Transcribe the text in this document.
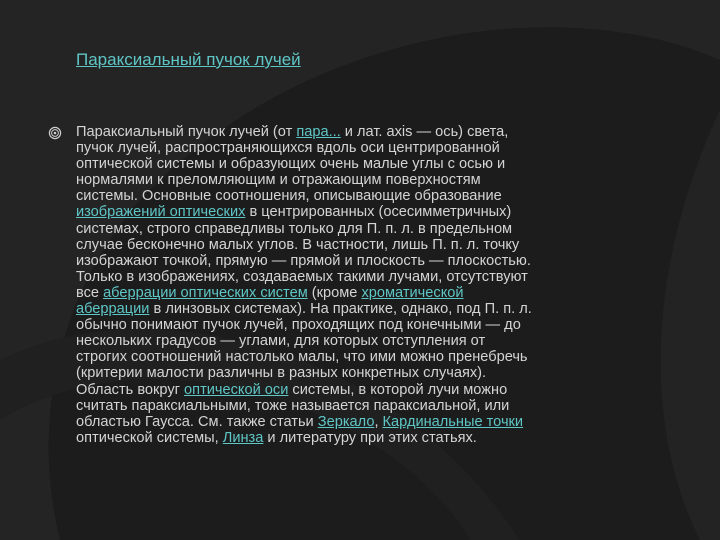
Параксиальный пучок лучей
Параксиальный пучок лучей (от пара... и лат. axis — ось) света,
пучок лучей, распространяющихся вдоль оси центрированной
оптической системы и образующих очень малые углы с осью и
нормалями к преломляющим и отражающим поверхностям
системы. Основные соотношения, описывающие образование
изображений оптических в центрированных (осесимметричных)
системах, строго справедливы только для П. п. л. в предельном
случае бесконечно малых углов. В частности, лишь П. п. л. точку
изображают точкой, прямую — прямой и плоскость — плоскостью.
Только в изображениях, создаваемых такими лучами, отсутствуют
все аберрации оптических систем (кроме хроматической
аберрации в линзовых системах). На практике, однако, под П. п. л.
обычно понимают пучок лучей, проходящих под конечными — до
нескольких градусов — углами, для которых отступления от
строгих соотношений настолько малы, что ими можно пренебречь
(критерии малости различны в разных конкретных случаях).
Область вокруг оптической оси системы, в которой лучи можно
считать параксиальными, тоже называется параксиальной, или
областью Гаусса. См. также статьи Зеркало, Кардинальные точки
оптической системы, Линза и литературу при этих статьях.
